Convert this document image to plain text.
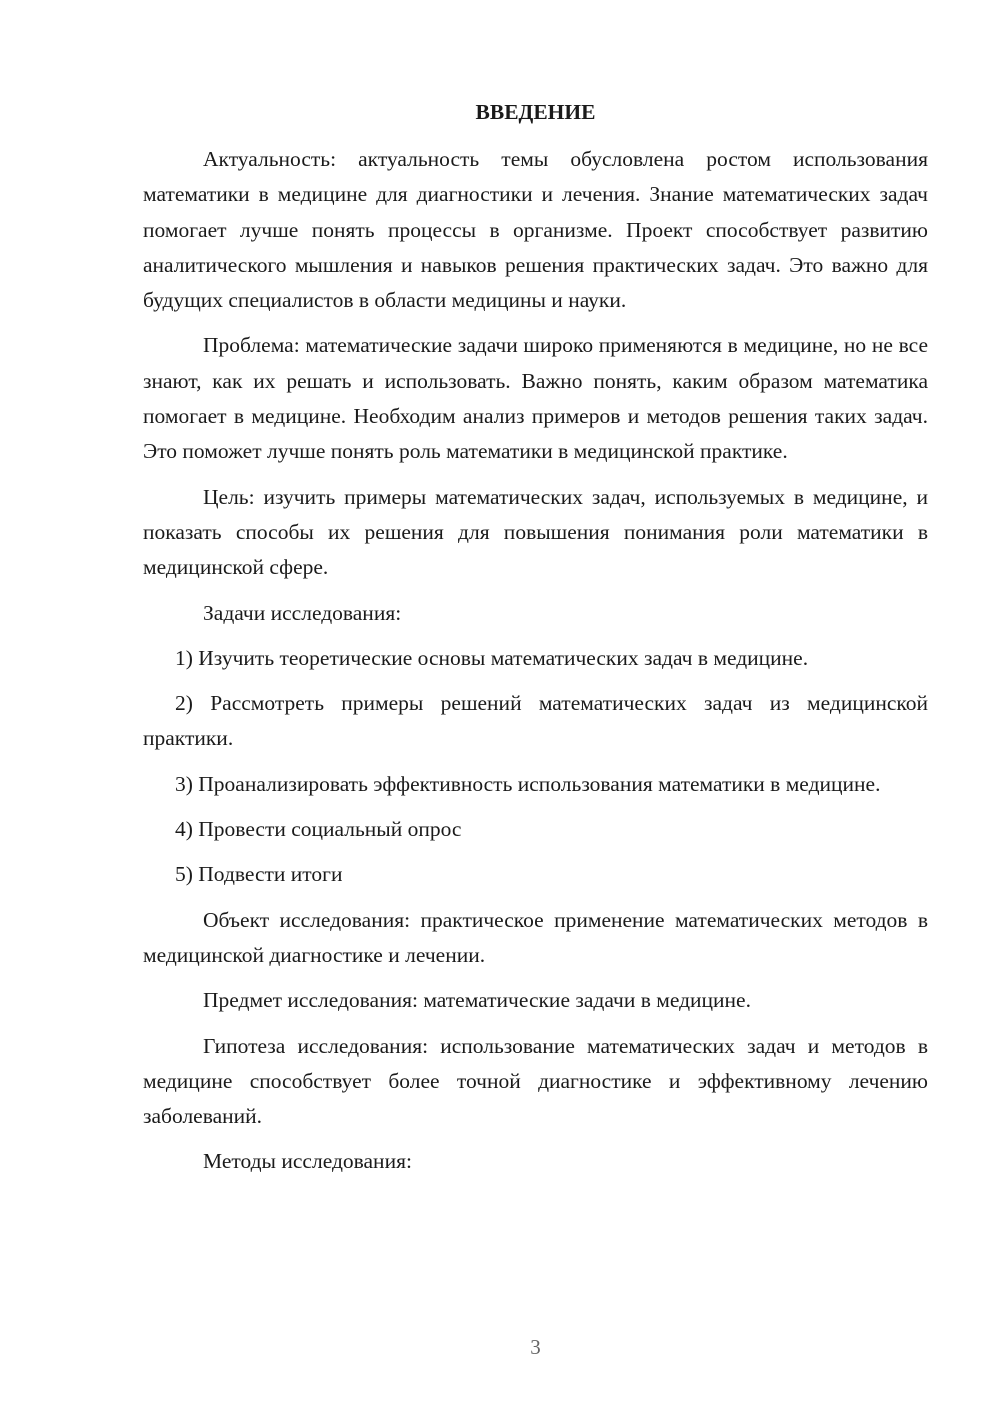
ВВЕДЕНИЕ

Актуальность: актуальность темы обусловлена ростом использования математики в медицине для диагностики и лечения. Знание математических задач помогает лучше понять процессы в организме. Проект способствует развитию аналитического мышления и навыков решения практических задач. Это важно для будущих специалистов в области медицины и науки.

Проблема: математические задачи широко применяются в медицине, но не все знают, как их решать и использовать. Важно понять, каким образом математика помогает в медицине. Необходим анализ примеров и методов решения таких задач. Это поможет лучше понять роль математики в медицинской практике.

Цель: изучить примеры математических задач, используемых в медицине, и показать способы их решения для повышения понимания роли математики в медицинской сфере.

Задачи исследования:

1) Изучить теоретические основы математических задач в медицине.

2) Рассмотреть примеры решений математических задач из медицинской практики.

3) Проанализировать эффективность использования математики в медицине.

4) Провести социальный опрос

5) Подвести итоги

Объект исследования: практическое применение математических методов в медицинской диагностике и лечении.

Предмет исследования: математические задачи в медицине.

Гипотеза исследования: использование математических задач и методов в медицине способствует более точной диагностике и эффективному лечению заболеваний.

Методы исследования:

3
